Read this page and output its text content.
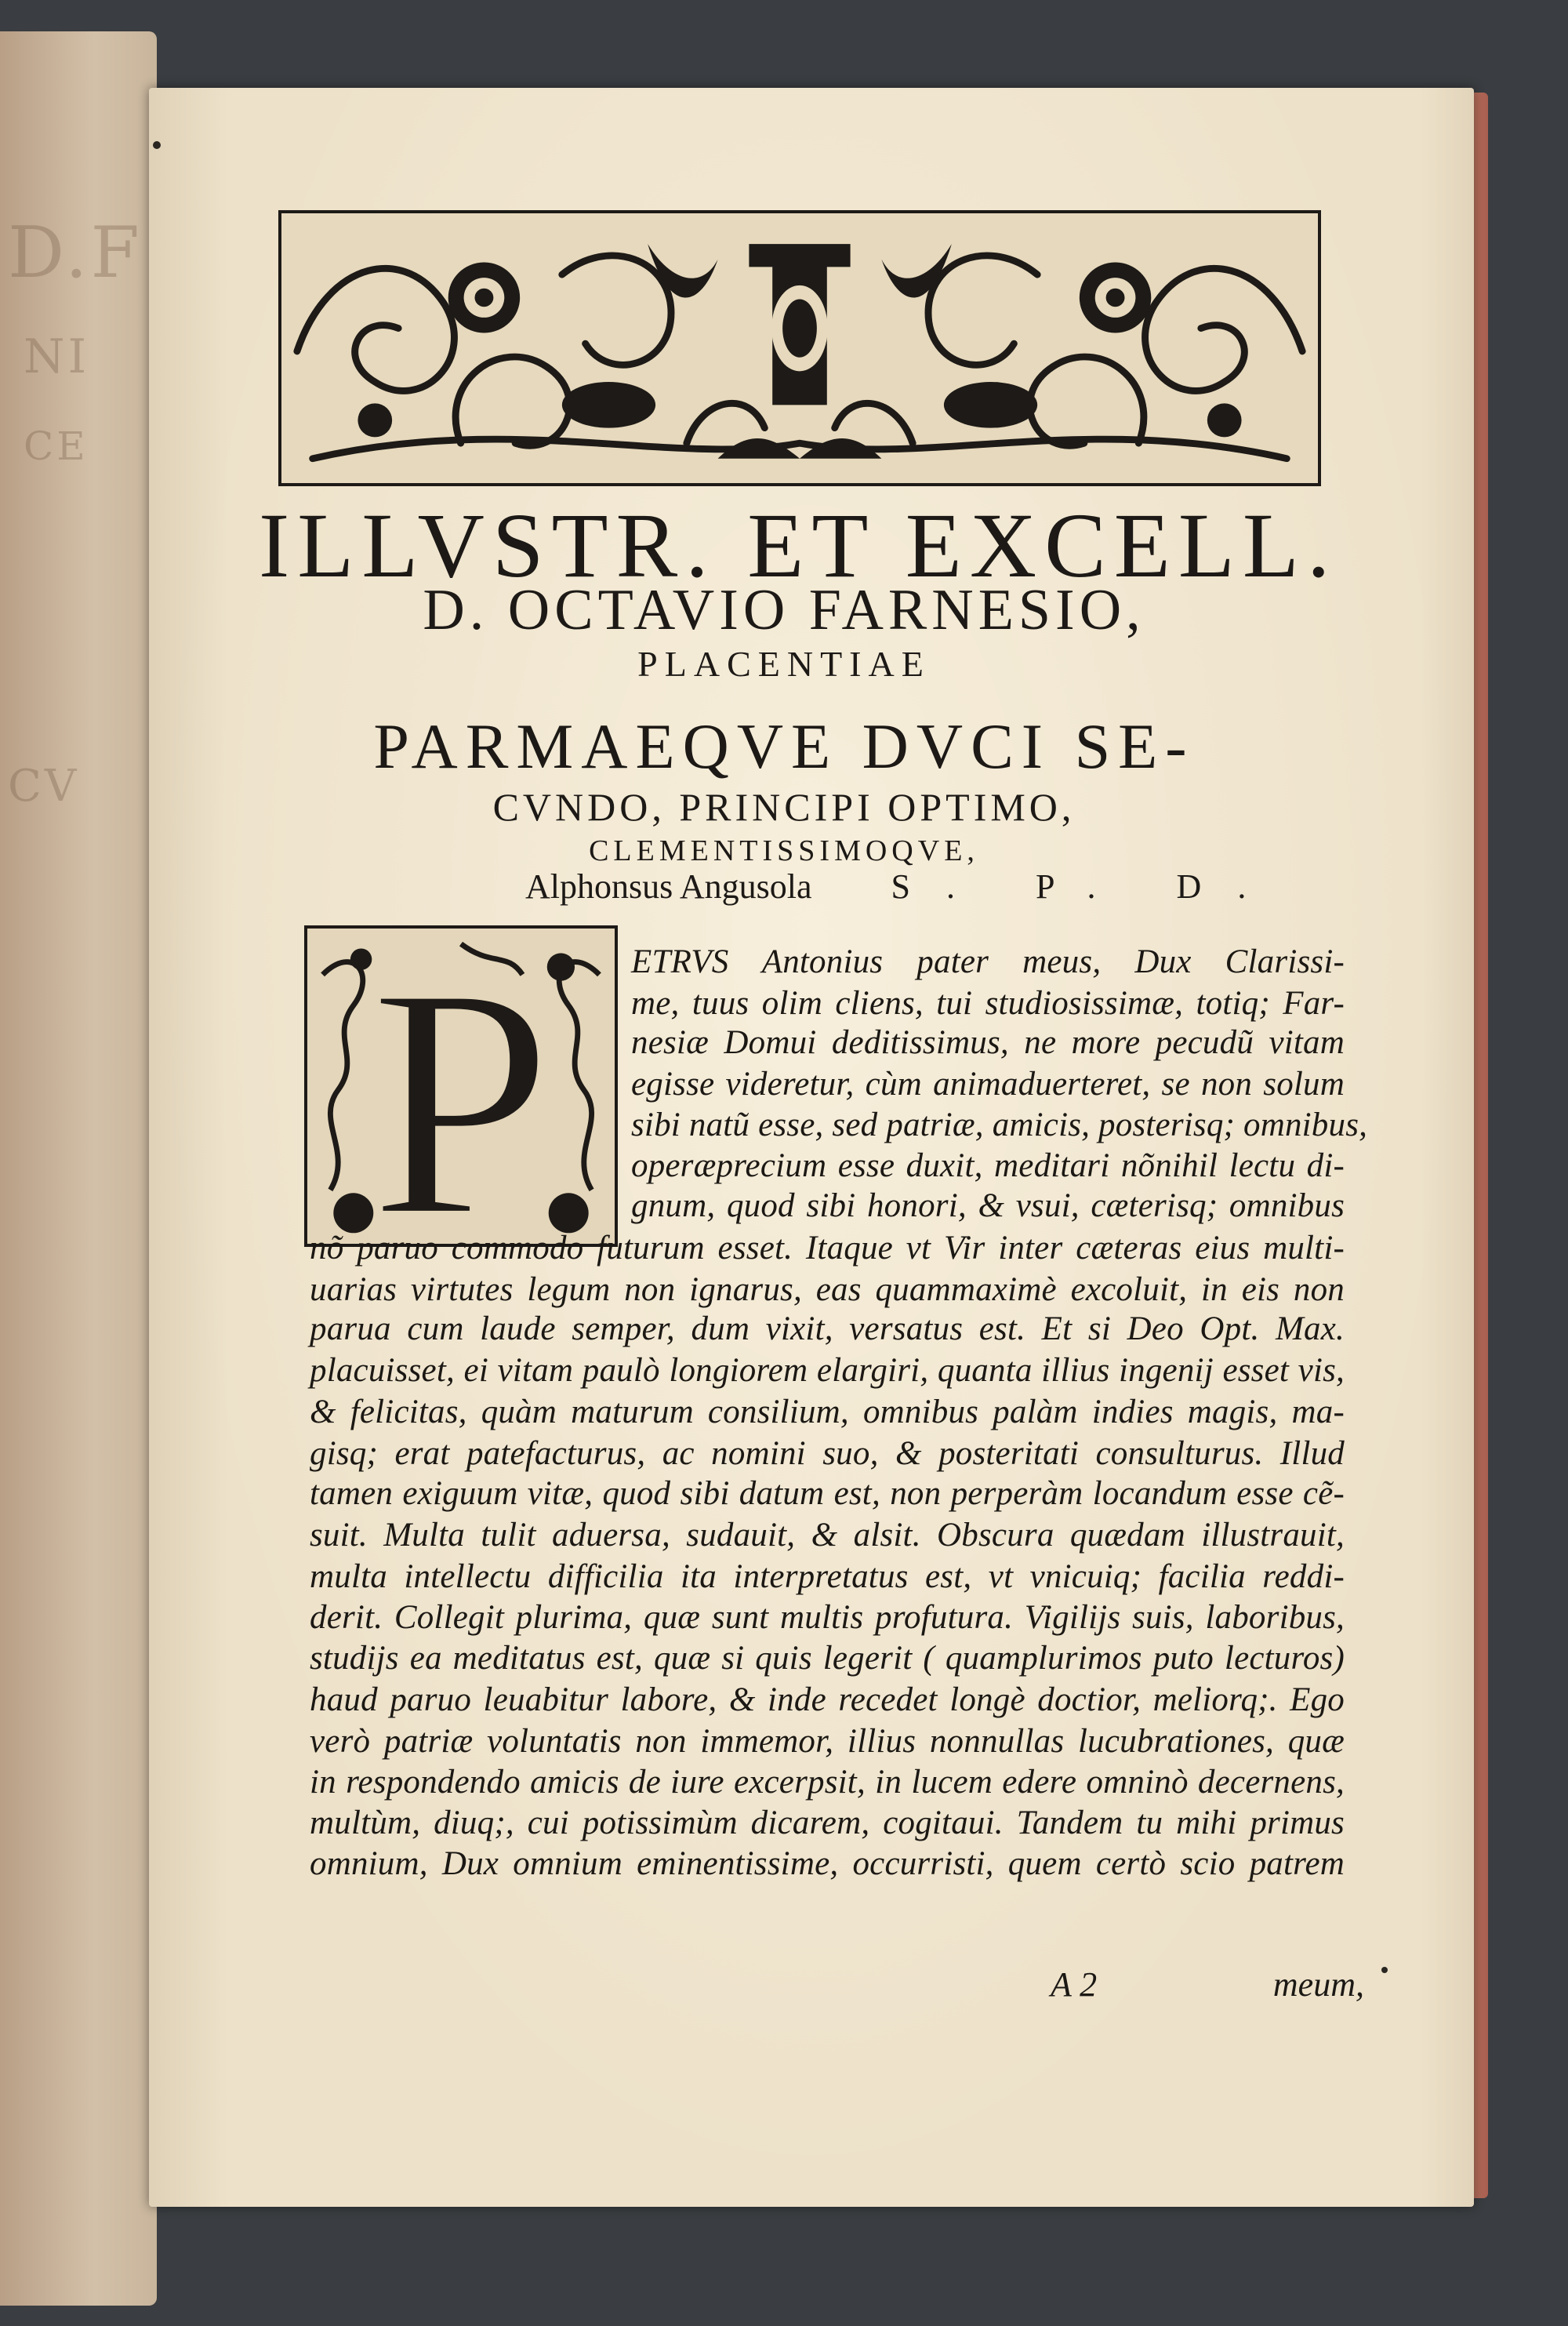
D.F
NI
CE
CV
ILLVSTR. ET EXCELL.
D. OCTAVIO FARNESIO,
PLACENTIAE
PARMAEQVE DVCI SE-
CVNDO, PRINCIPI OPTIMO,
CLEMENTISSIMOQVE,
Alphonsus Angusola S. P. D.
P ETRVS Antonius pater meus, Dux Clarissi-
me, tuus olim cliens, tui studiosissimæ, totiq; Far-
nesiæ Domui deditissimus, ne more pecudũ vitam
egisse videretur, cùm animaduerteret, se non solum
sibi natũ esse, sed patriæ, amicis, posterisq; omnibus,
operæprecium esse duxit, meditari nõnihil lectu di-
gnum, quod sibi honori, & vsui, cæterisq; omnibus
nõ paruo commodo futurum esset. Itaque vt Vir inter cæteras eius multi-
uarias virtutes legum non ignarus, eas quammaximè excoluit, in eis non
parua cum laude semper, dum vixit, versatus est. Et si Deo Opt. Max.
placuisset, ei vitam paulò longiorem elargiri, quanta illius ingenij esset vis,
& felicitas, quàm maturum consilium, omnibus palàm indies magis, ma-
gisq; erat patefacturus, ac nomini suo, & posteritati consulturus. Illud
tamen exiguum vitæ, quod sibi datum est, non perperàm locandum esse cẽ-
suit. Multa tulit aduersa, sudauit, & alsit. Obscura quædam illustrauit,
multa intellectu difficilia ita interpretatus est, vt vnicuiq; facilia reddi-
derit. Collegit plurima, quæ sunt multis profutura. Vigilijs suis, laboribus,
studijs ea meditatus est, quæ si quis legerit ( quamplurimos puto lecturos)
haud paruo leuabitur labore, & inde recedet longè doctior, meliorq;. Ego
verò patriæ voluntatis non immemor, illius nonnullas lucubrationes, quæ
in respondendo amicis de iure excerpsit, in lucem edere omninò decernens,
multùm, diuq;, cui potissimùm dicarem, cogitaui. Tandem tu mihi primus
omnium, Dux omnium eminentissime, occurristi, quem certò scio patrem
A 2	meum,
